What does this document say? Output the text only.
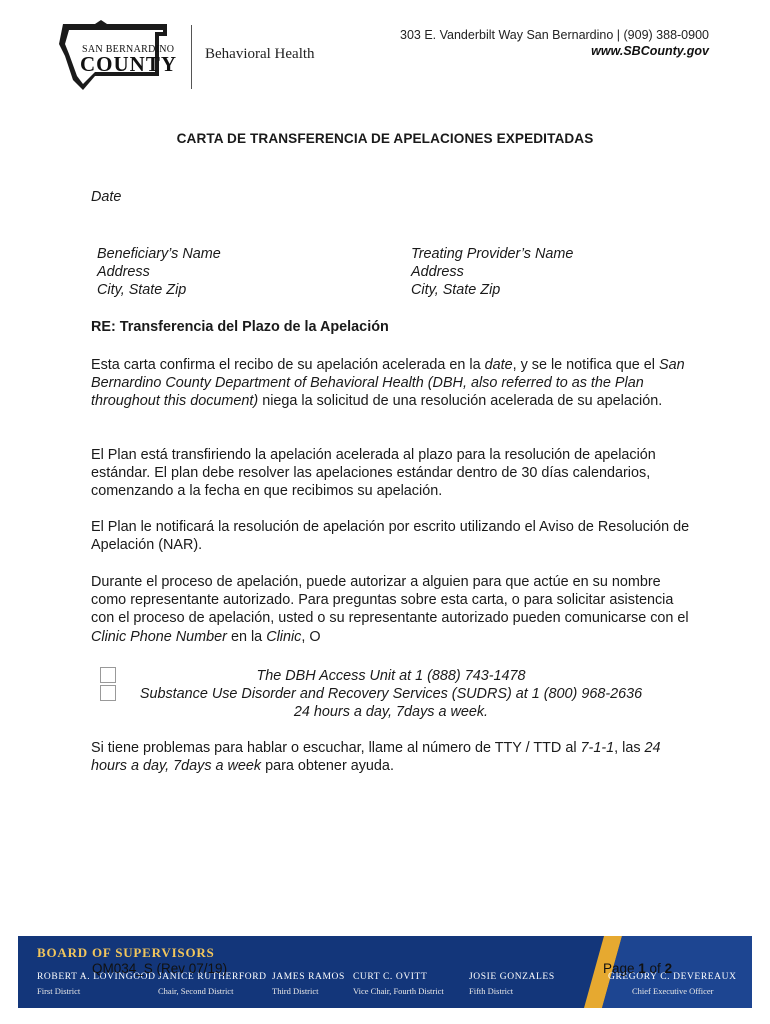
SAN BERNARDINO
COUNTY Behavioral Health
303 E. Vanderbilt Way San Bernardino | (909) 388-0900
www.SBCounty.gov
CARTA DE TRANSFERENCIA DE APELACIONES EXPEDITADAS
Date
Beneficiary’s Name
Address
City, State Zip
Treating Provider’s Name
Address
City, State Zip
RE: Transferencia del Plazo de la Apelación
Esta carta confirma el recibo de su apelación acelerada en la date, y se le notifica que el San Bernardino County Department of Behavioral Health (DBH, also referred to as the Plan throughout this document) niega la solicitud de una resolución acelerada de su apelación.
El Plan está transfiriendo la apelación acelerada al plazo para la resolución de apelación estándar. El plan debe resolver las apelaciones estándar dentro de 30 días calendarios, comenzando a la fecha en que recibimos su apelación.
El Plan le notificará la resolución de apelación por escrito utilizando el Aviso de Resolución de Apelación (NAR).
Durante el proceso de apelación, puede autorizar a alguien para que actúe en su nombre como representante autorizado. Para preguntas sobre esta carta, o para solicitar asistencia con el proceso de apelación, usted o su representante autorizado pueden comunicarse con el Clinic Phone Number en la Clinic, O
The DBH Access Unit at 1 (888) 743-1478
Substance Use Disorder and Recovery Services (SUDRS) at 1 (800) 968-2636
24 hours a day, 7days a week.
Si tiene problemas para hablar o escuchar, llame al número de TTY / TTD al 7-1-1, las 24 hours a day, 7days a week para obtener ayuda.
BOARD OF SUPERVISORS
ROBERT A. LOVINGOOD
First District
JANICE RUTHERFORD
Chair, Second District
JAMES RAMOS
Third District
CURT C. OVITT
Vice Chair, Fourth District
JOSIE GONZALES
Fifth District
GREGORY C. DEVEREAUX
Chief Executive Officer
QM034_S (Rev 07/19)	Page 1 of 2
